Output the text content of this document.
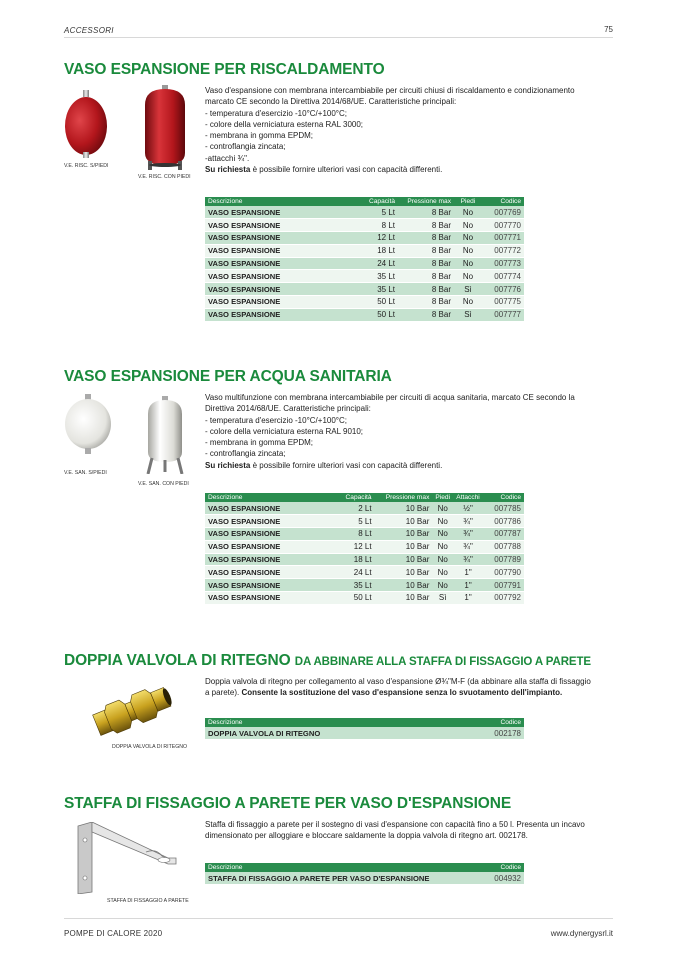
ACCESSORI	75
VASO ESPANSIONE PER RISCALDAMENTO
V.E. RISC. S/PIEDI
V.E. RISC. CON PIEDI
Vaso d'espansione con membrana intercambiabile per circuiti chiusi di riscaldamento e condizionamento
marcato CE secondo la Direttiva 2014/68/UE. Caratteristiche principali:
- temperatura d'esercizio -10°C/+100°C;
- colore della verniciatura esterna RAL 3000;
- membrana in gomma EPDM;
- controflangia zincata;
-attacchi ¾".
Su richiesta è possibile fornire ulteriori vasi con capacità differenti.
Descrizione	Capacità	Pressione max	Piedi	Codice
VASO ESPANSIONE	5 Lt	8 Bar	No	007769
VASO ESPANSIONE	8 Lt	8 Bar	No	007770
VASO ESPANSIONE	12 Lt	8 Bar	No	007771
VASO ESPANSIONE	18 Lt	8 Bar	No	007772
VASO ESPANSIONE	24 Lt	8 Bar	No	007773
VASO ESPANSIONE	35 Lt	8 Bar	No	007774
VASO ESPANSIONE	35 Lt	8 Bar	Sì	007776
VASO ESPANSIONE	50 Lt	8 Bar	No	007775
VASO ESPANSIONE	50 Lt	8 Bar	Sì	007777
VASO ESPANSIONE PER ACQUA SANITARIA
V.E. SAN. S/PIEDI
V.E. SAN. CON PIEDI
Vaso multifunzione con membrana intercambiabile per circuiti di acqua sanitaria, marcato CE secondo la
Direttiva 2014/68/UE. Caratteristiche principali:
- temperatura d'esercizio -10°C/+100°C;
- colore della verniciatura esterna RAL 9010;
- membrana in gomma EPDM;
- controflangia zincata;
Su richiesta è possibile fornire ulteriori vasi con capacità differenti.
Descrizione	Capacità	Pressione max	Piedi	Attacchi	Codice
VASO ESPANSIONE	2 Lt	10 Bar	No	½"	007785
VASO ESPANSIONE	5 Lt	10 Bar	No	¾"	007786
VASO ESPANSIONE	8 Lt	10 Bar	No	¾"	007787
VASO ESPANSIONE	12 Lt	10 Bar	No	¾"	007788
VASO ESPANSIONE	18 Lt	10 Bar	No	¾"	007789
VASO ESPANSIONE	24 Lt	10 Bar	No	1"	007790
VASO ESPANSIONE	35 Lt	10 Bar	No	1"	007791
VASO ESPANSIONE	50 Lt	10 Bar	Sì	1"	007792
DOPPIA VALVOLA DI RITEGNO DA ABBINARE ALLA STAFFA DI FISSAGGIO A PARETE
DOPPIA VALVOLA DI RITEGNO
Doppia valvola di ritegno per collegamento al vaso d'espansione Ø¾"M-F (da abbinare alla staffa di fissaggio
a parete). Consente la sostituzione del vaso d'espansione senza lo svuotamento dell'impianto.
Descrizione	Codice
DOPPIA VALVOLA DI RITEGNO	002178
STAFFA DI FISSAGGIO A PARETE PER VASO D'ESPANSIONE
STAFFA DI FISSAGGIO A PARETE
Staffa di fissaggio a parete per il sostegno di vasi d'espansione con capacità fino a 50 l. Presenta un incavo
dimensionato per alloggiare e bloccare saldamente la doppia valvola di ritegno art. 002178.
Descrizione	Codice
STAFFA DI FISSAGGIO A PARETE PER VASO D'ESPANSIONE	004932
POMPE DI CALORE 2020	www.dynergysrl.it
